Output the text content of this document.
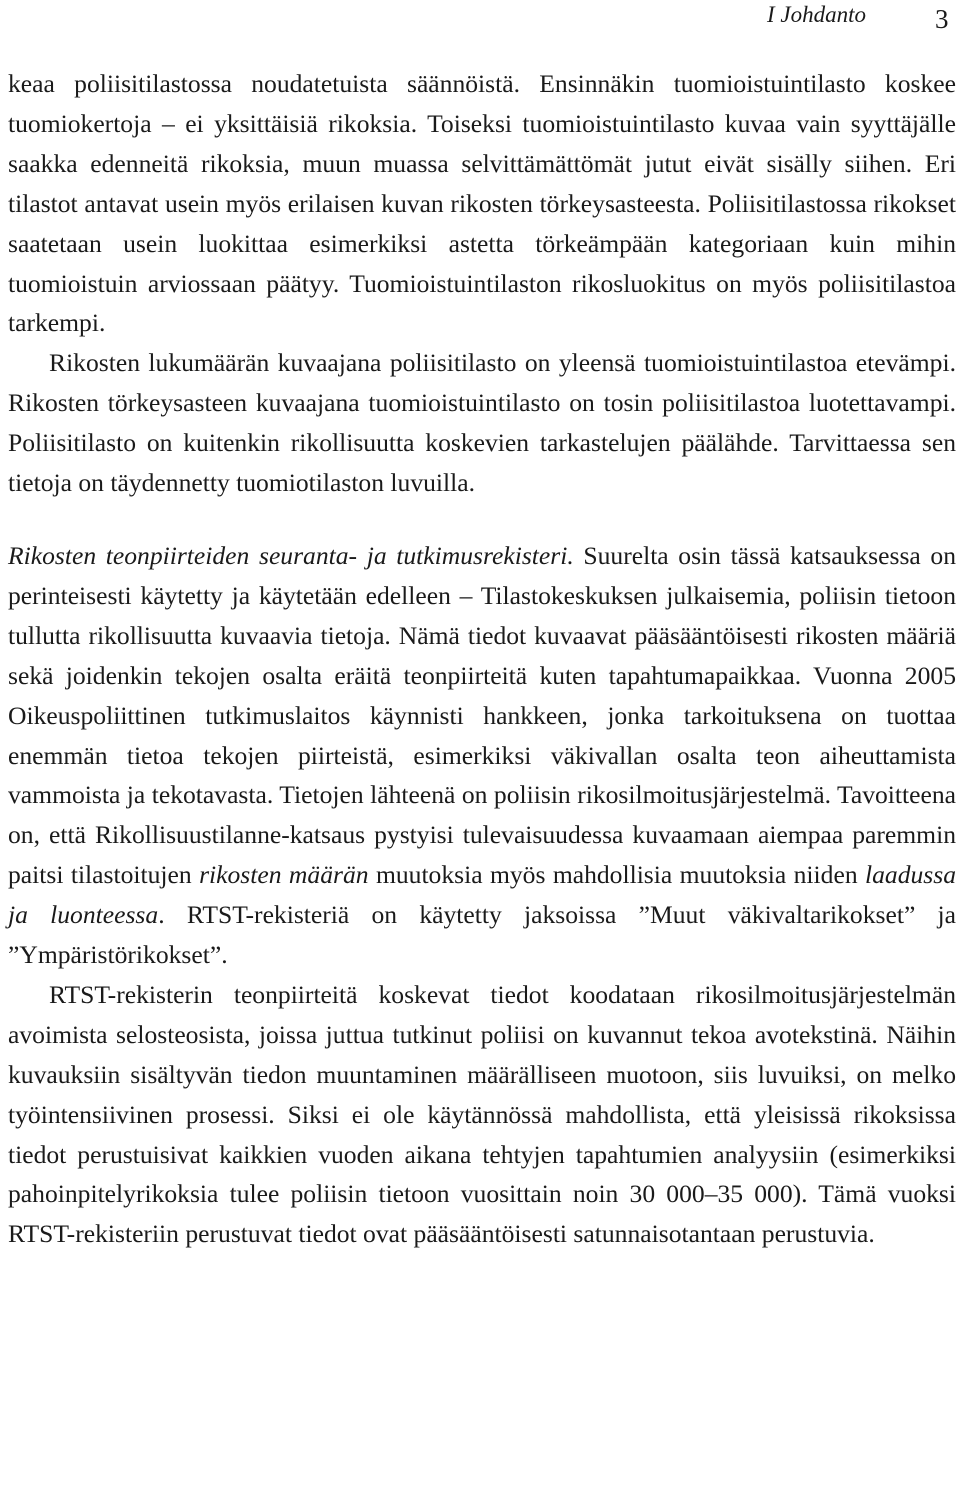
I Johdanto	3

keaa poliisitilastossa noudatetuista säännöistä. Ensinnäkin tuomioistuintilasto koskee tuomiokertoja – ei yksittäisiä rikoksia. Toiseksi tuomioistuintilasto kuvaa vain syyttäjälle saakka edenneitä rikoksia, muun muassa selvittämättömät jutut eivät sisälly siihen. Eri tilastot antavat usein myös erilaisen kuvan rikosten törkeysasteesta. Poliisitilastossa rikokset saatetaan usein luokittaa esimerkiksi astetta törkeämpään kategoriaan kuin mihin tuomioistuin arviossaan päätyy. Tuomioistuintilaston rikosluokitus on myös poliisitilastoa tarkempi.

Rikosten lukumäärän kuvaajana poliisitilasto on yleensä tuomioistuintilastoa etevämpi. Rikosten törkeysasteen kuvaajana tuomioistuintilasto on tosin poliisitilastoa luotettavampi. Poliisitilasto on kuitenkin rikollisuutta koskevien tarkastelujen päälähde. Tarvittaessa sen tietoja on täydennetty tuomiotilaston luvuilla.

Rikosten teonpiirteiden seuranta- ja tutkimusrekisteri. Suurelta osin tässä katsauksessa on perinteisesti käytetty ja käytetään edelleen – Tilastokeskuksen julkaisemia, poliisin tietoon tullutta rikollisuutta kuvaavia tietoja. Nämä tiedot kuvaavat pääsääntöisesti rikosten määriä sekä joidenkin tekojen osalta eräitä teonpiirteitä kuten tapahtumapaikkaa. Vuonna 2005 Oikeuspoliittinen tutkimuslaitos käynnisti hankkeen, jonka tarkoituksena on tuottaa enemmän tietoa tekojen piirteistä, esimerkiksi väkivallan osalta teon aiheuttamista vammoista ja tekotavasta. Tietojen lähteenä on poliisin rikosilmoitusjärjestelmä. Tavoitteena on, että Rikollisuustilanne-katsaus pystyisi tulevaisuudessa kuvaamaan aiempaa paremmin paitsi tilastoitujen rikosten määrän muutoksia myös mahdollisia muutoksia niiden laadussa ja luonteessa. RTST-rekisteriä on käytetty jaksoissa ”Muut väkivaltarikokset” ja ”Ympäristörikokset”.

RTST-rekisterin teonpiirteitä koskevat tiedot koodataan rikosilmoitusjärjestelmän avoimista selosteosista, joissa juttua tutkinut poliisi on kuvannut tekoa avotekstinä. Näihin kuvauksiin sisältyvän tiedon muuntaminen määrälliseen muotoon, siis luvuiksi, on melko työintensiivinen prosessi. Siksi ei ole käytännössä mahdollista, että yleisissä rikoksissa tiedot perustuisivat kaikkien vuoden aikana tehtyjen tapahtumien analyysiin (esimerkiksi pahoinpitelyrikoksia tulee poliisin tietoon vuosittain noin 30 000–35 000). Tämä vuoksi RTST-rekisteriin perustuvat tiedot ovat pääsääntöisesti satunnaisotantaan perustuvia.
